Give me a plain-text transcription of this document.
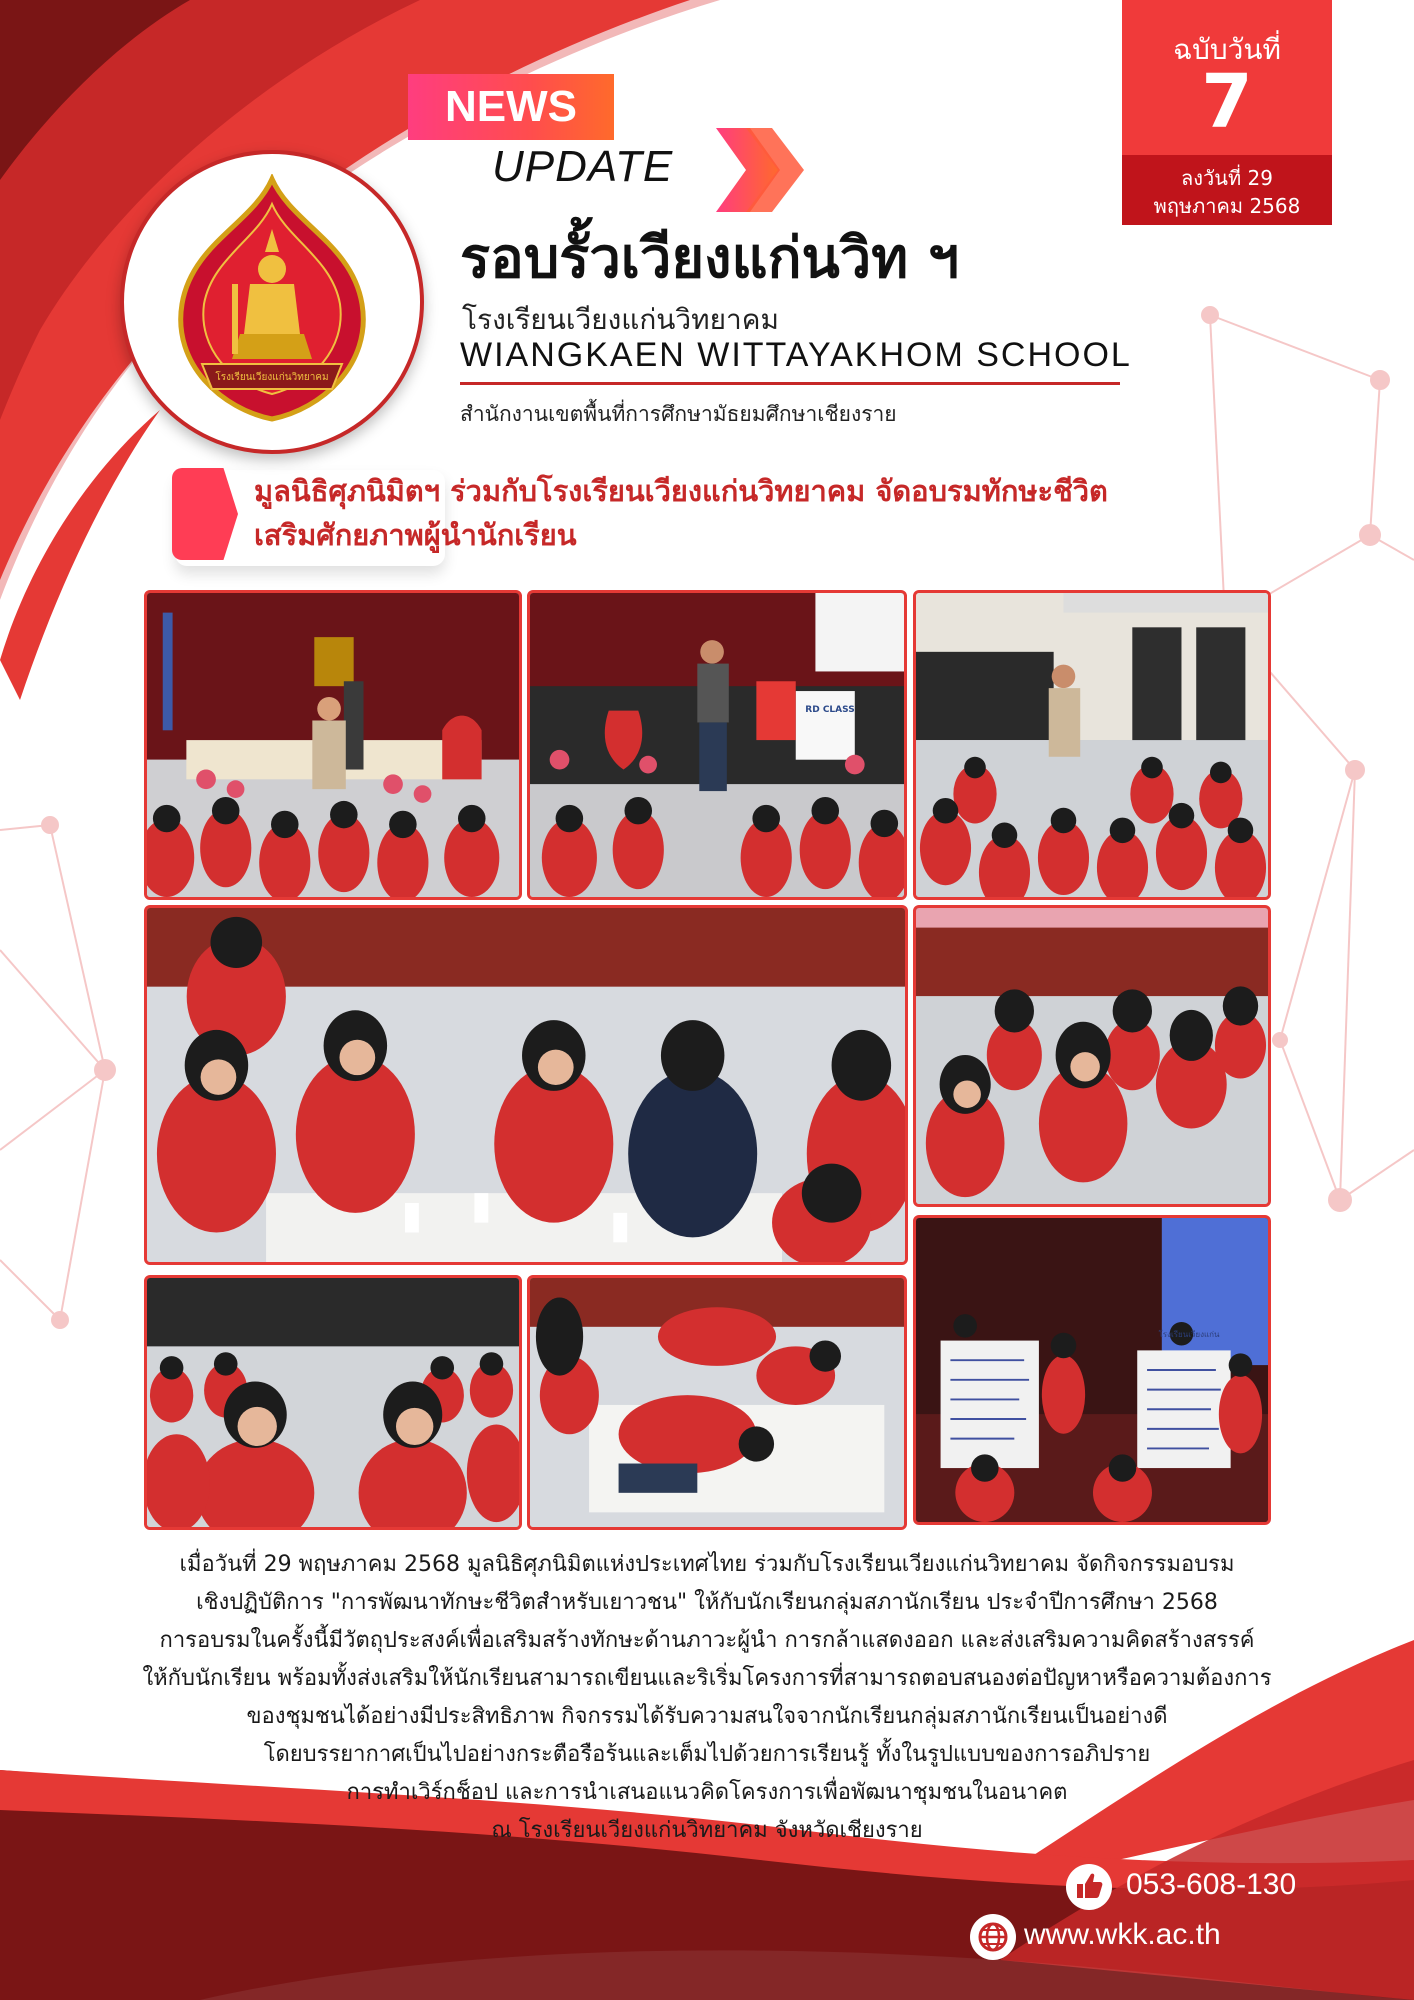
ฉบับวันที่
7
ลงวันที่ 29
พฤษภาคม 2568
NEWS
UPDATE
โรงเรียนเวียงแก่นวิทยาคม
รอบรั้วเวียงแก่นวิท ฯ
โรงเรียนเวียงแก่นวิทยาคม
WIANGKAEN WITTAYAKHOM SCHOOL
สำนักงานเขตพื้นที่การศึกษามัธยมศึกษาเชียงราย
มูลนิธิศุภนิมิตฯ ร่วมกับโรงเรียนเวียงแก่นวิทยาคม จัดอบรมทักษะชีวิต
เสริมศักยภาพผู้นำนักเรียน
RD CLASS
โรงเรียนเวียงแก่น
เมื่อวันที่ 29 พฤษภาคม 2568 มูลนิธิศุภนิมิตแห่งประเทศไทย ร่วมกับโรงเรียนเวียงแก่นวิทยาคม จัดกิจกรรมอบรม
เชิงปฏิบัติการ "การพัฒนาทักษะชีวิตสำหรับเยาวชน" ให้กับนักเรียนกลุ่มสภานักเรียน ประจำปีการศึกษา 2568
การอบรมในครั้งนี้มีวัตถุประสงค์เพื่อเสริมสร้างทักษะด้านภาวะผู้นำ การกล้าแสดงออก และส่งเสริมความคิดสร้างสรรค์
ให้กับนักเรียน พร้อมทั้งส่งเสริมให้นักเรียนสามารถเขียนและริเริ่มโครงการที่สามารถตอบสนองต่อปัญหาหรือความต้องการ
ของชุมชนได้อย่างมีประสิทธิภาพ กิจกรรมได้รับความสนใจจากนักเรียนกลุ่มสภานักเรียนเป็นอย่างดี
โดยบรรยากาศเป็นไปอย่างกระตือรือร้นและเต็มไปด้วยการเรียนรู้ ทั้งในรูปแบบของการอภิปราย
การทำเวิร์กช็อป และการนำเสนอแนวคิดโครงการเพื่อพัฒนาชุมชนในอนาคต
ณ โรงเรียนเวียงแก่นวิทยาคม จังหวัดเชียงราย
053-608-130
www.wkk.ac.th
